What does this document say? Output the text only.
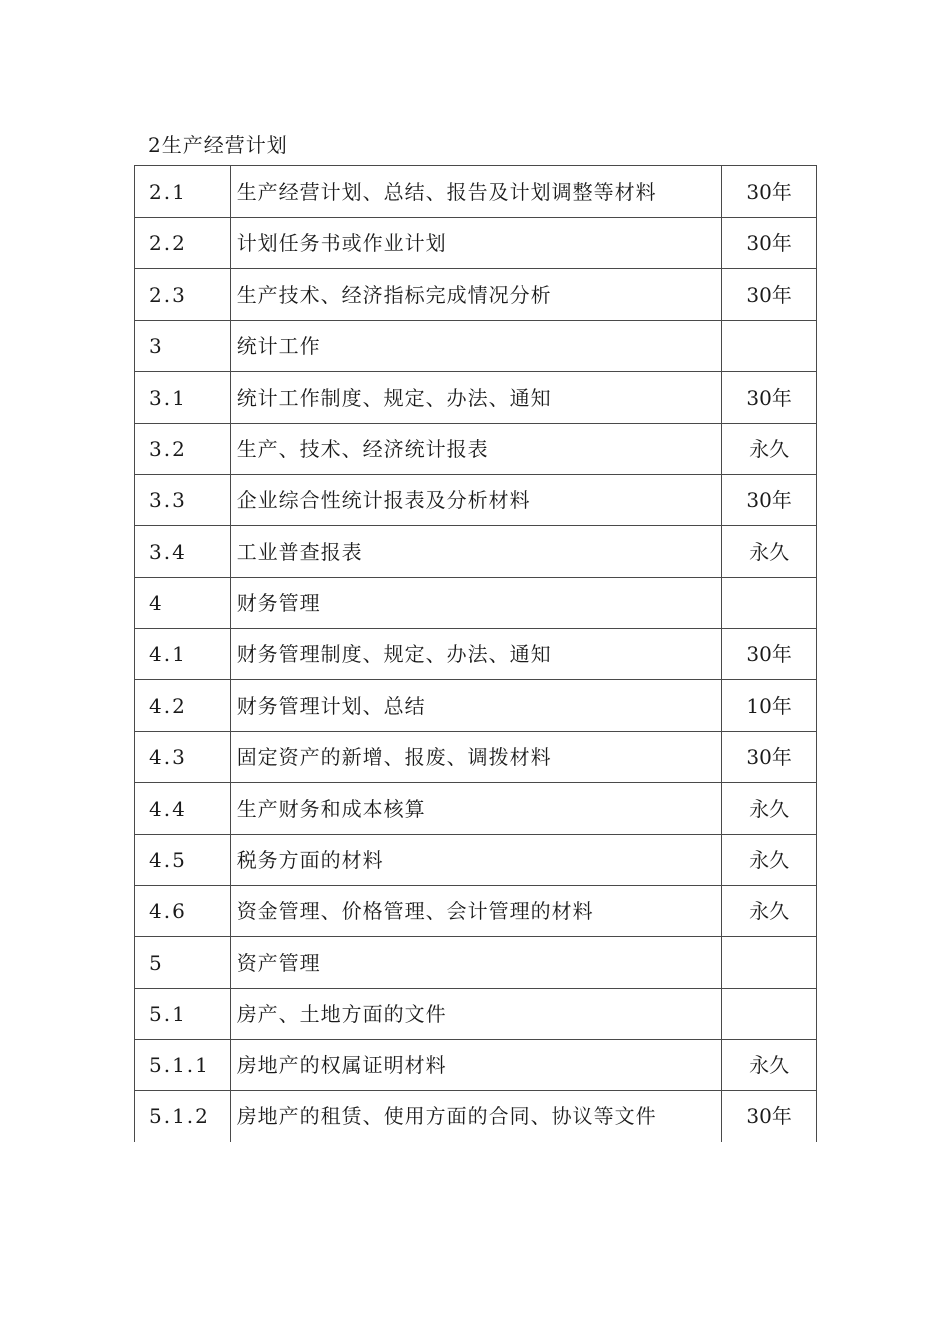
2生产经营计划
2.1	生产经营计划、总结、报告及计划调整等材料	30年
2.2	计划任务书或作业计划	30年
2.3	生产技术、经济指标完成情况分析	30年
3	统计工作	
3.1	统计工作制度、规定、办法、通知	30年
3.2	生产、技术、经济统计报表	永久
3.3	企业综合性统计报表及分析材料	30年
3.4	工业普查报表	永久
4	财务管理	
4.1	财务管理制度、规定、办法、通知	30年
4.2	财务管理计划、总结	10年
4.3	固定资产的新增、报废、调拨材料	30年
4.4	生产财务和成本核算	永久
4.5	税务方面的材料	永久
4.6	资金管理、价格管理、会计管理的材料	永久
5	资产管理	
5.1	房产、土地方面的文件	
5.1.1	房地产的权属证明材料	永久
5.1.2	房地产的租赁、使用方面的合同、协议等文件	30年
